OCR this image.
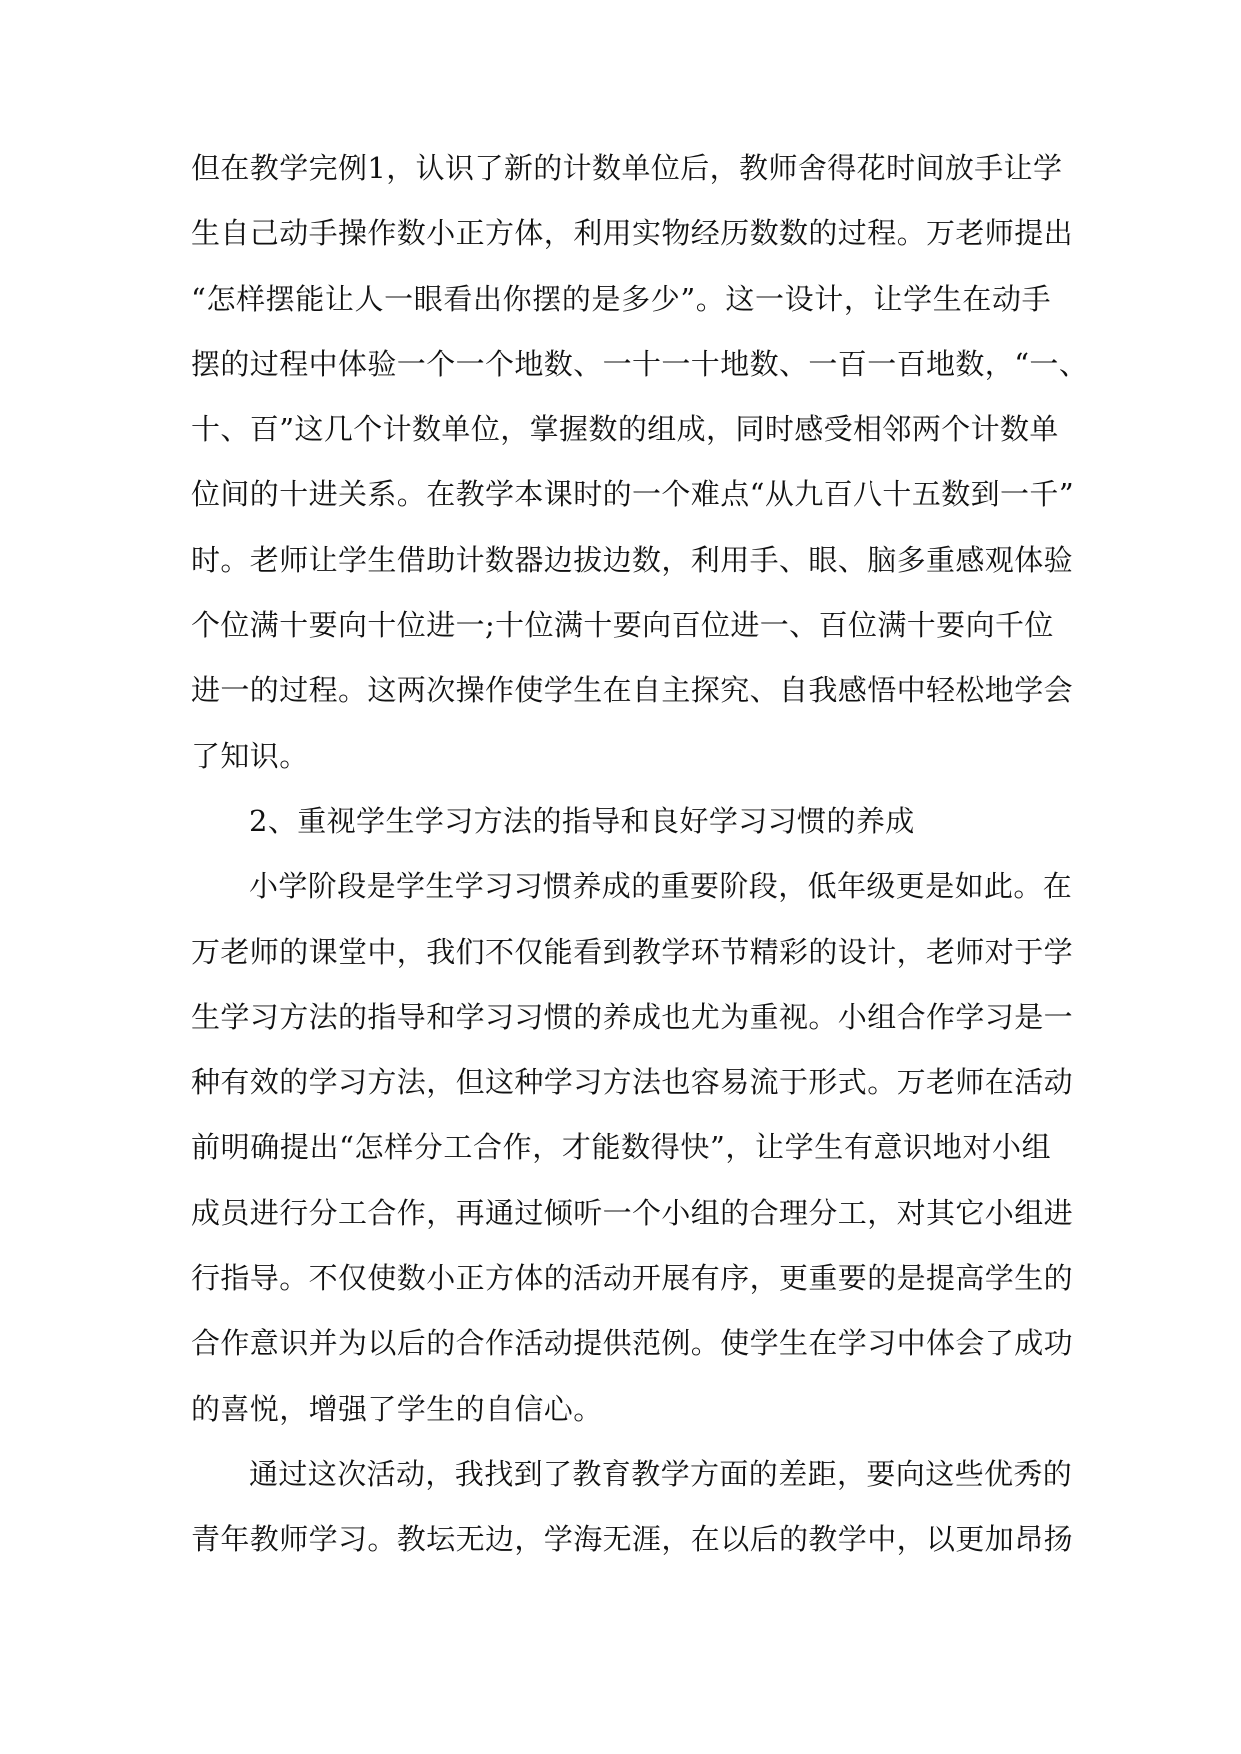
但在教学完例1，认识了新的计数单位后，教师舍得花时间放手让学
生自己动手操作数小正方体，利用实物经历数数的过程。万老师提出
“怎样摆能让人一眼看出你摆的是多少”。这一设计，让学生在动手
摆的过程中体验一个一个地数、一十一十地数、一百一百地数，“一、
十、百”这几个计数单位，掌握数的组成，同时感受相邻两个计数单
位间的十进关系。在教学本课时的一个难点“从九百八十五数到一千”
时。老师让学生借助计数器边拔边数，利用手、眼、脑多重感观体验
个位满十要向十位进一;十位满十要向百位进一、百位满十要向千位
进一的过程。这两次操作使学生在自主探究、自我感悟中轻松地学会
了知识。
2、重视学生学习方法的指导和良好学习习惯的养成
小学阶段是学生学习习惯养成的重要阶段，低年级更是如此。在
万老师的课堂中，我们不仅能看到教学环节精彩的设计，老师对于学
生学习方法的指导和学习习惯的养成也尤为重视。小组合作学习是一
种有效的学习方法，但这种学习方法也容易流于形式。万老师在活动
前明确提出“怎样分工合作，才能数得快”，让学生有意识地对小组
成员进行分工合作，再通过倾听一个小组的合理分工，对其它小组进
行指导。不仅使数小正方体的活动开展有序，更重要的是提高学生的
合作意识并为以后的合作活动提供范例。使学生在学习中体会了成功
的喜悦，增强了学生的自信心。
通过这次活动，我找到了教育教学方面的差距，要向这些优秀的
青年教师学习。教坛无边，学海无涯，在以后的教学中，以更加昂扬
